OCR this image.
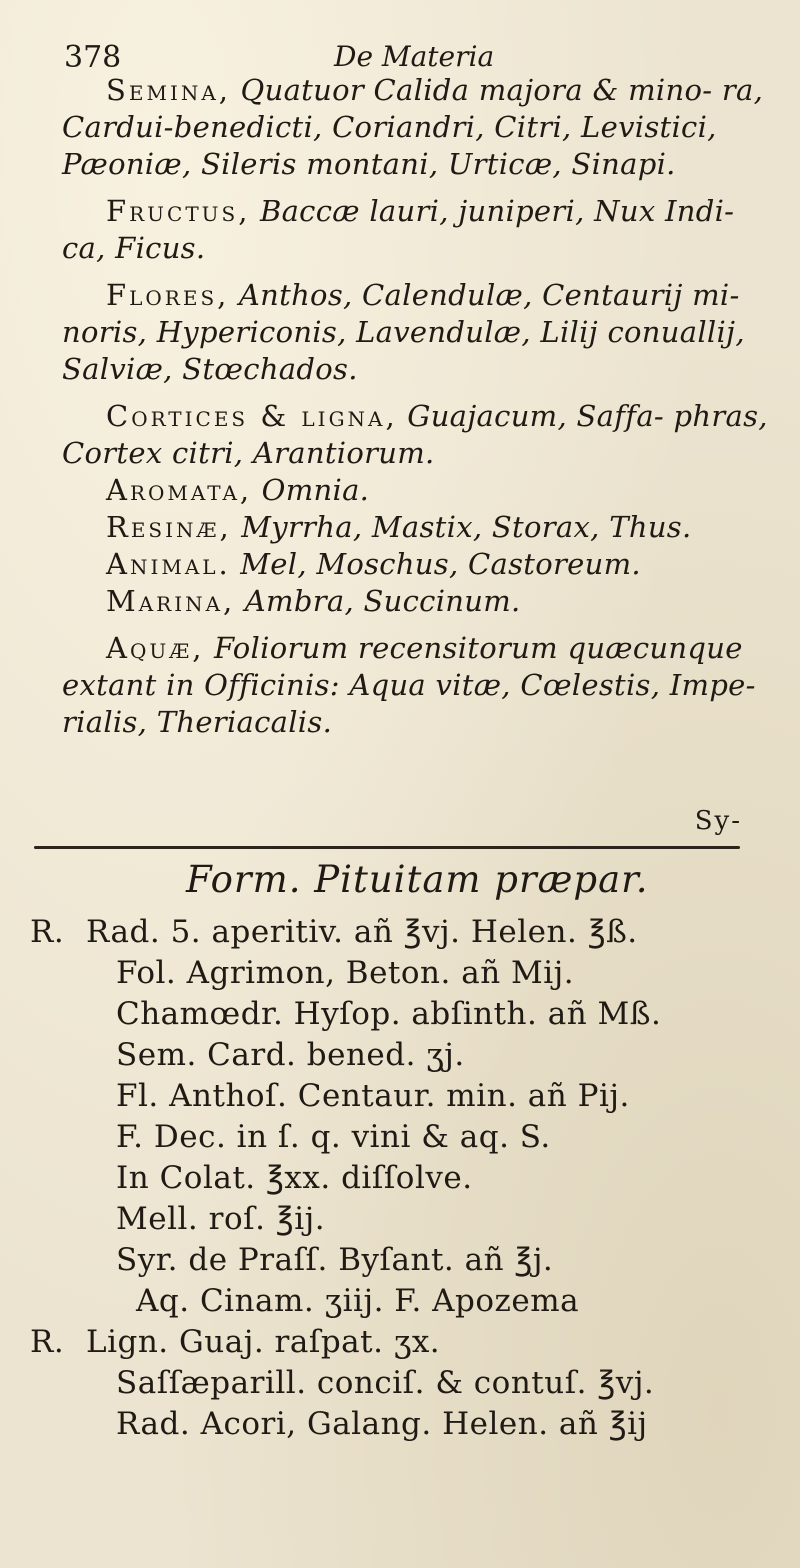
378	De Materia

Semina, Quatuor Calida majora & mino- ra, Cardui-benedicti, Coriandri, Citri, Levistici, Pæoniæ, Sileris montani, Urticæ, Sinapi.

Fructus, Baccæ lauri, juniperi, Nux Indi- ca, Ficus.

Flores, Anthos, Calendulæ, Centaurij mi- noris, Hypericonis, Lavendulæ, Lilij conuallij, Salviæ, Stœchados.

Cortices & ligna, Guajacum, Saffa- phras, Cortex citri, Arantiorum.

Aromata, Omnia.

Resinæ, Myrrha, Mastix, Storax, Thus.

Animal. Mel, Moschus, Castoreum.

Marina, Ambra, Succinum.

Aquæ, Foliorum recensitorum quæcunque extant in Officinis: Aqua vitæ, Cœlestis, Impe- rialis, Theriacalis.

Sy-
Form. Pituitam præpar.
R. Rad. 5. aperitiv. añ ℥vj. Helen. ℥ß.
Fol. Agrimon, Beton. añ Mij.
Chamœdr. Hyſop. abſinth. añ Mß.
Sem. Card. bened. ʒj.
Fl. Anthoſ. Centaur. min. añ Pij.
F. Dec. in ſ. q. vini & aq. S.
In Colat. ℥xx. diſſolve.
Mell. roſ. ℥ij.
Syr. de Praſſ. Byſant. añ ℥j.
Aq. Cinam. ʒiij. F. Apozema
R. Lign. Guaj. raſpat. ʒx.
Saſſæparill. conciſ. & contuſ. ℥vj.
Rad. Acori, Galang. Helen. añ ℥ij
